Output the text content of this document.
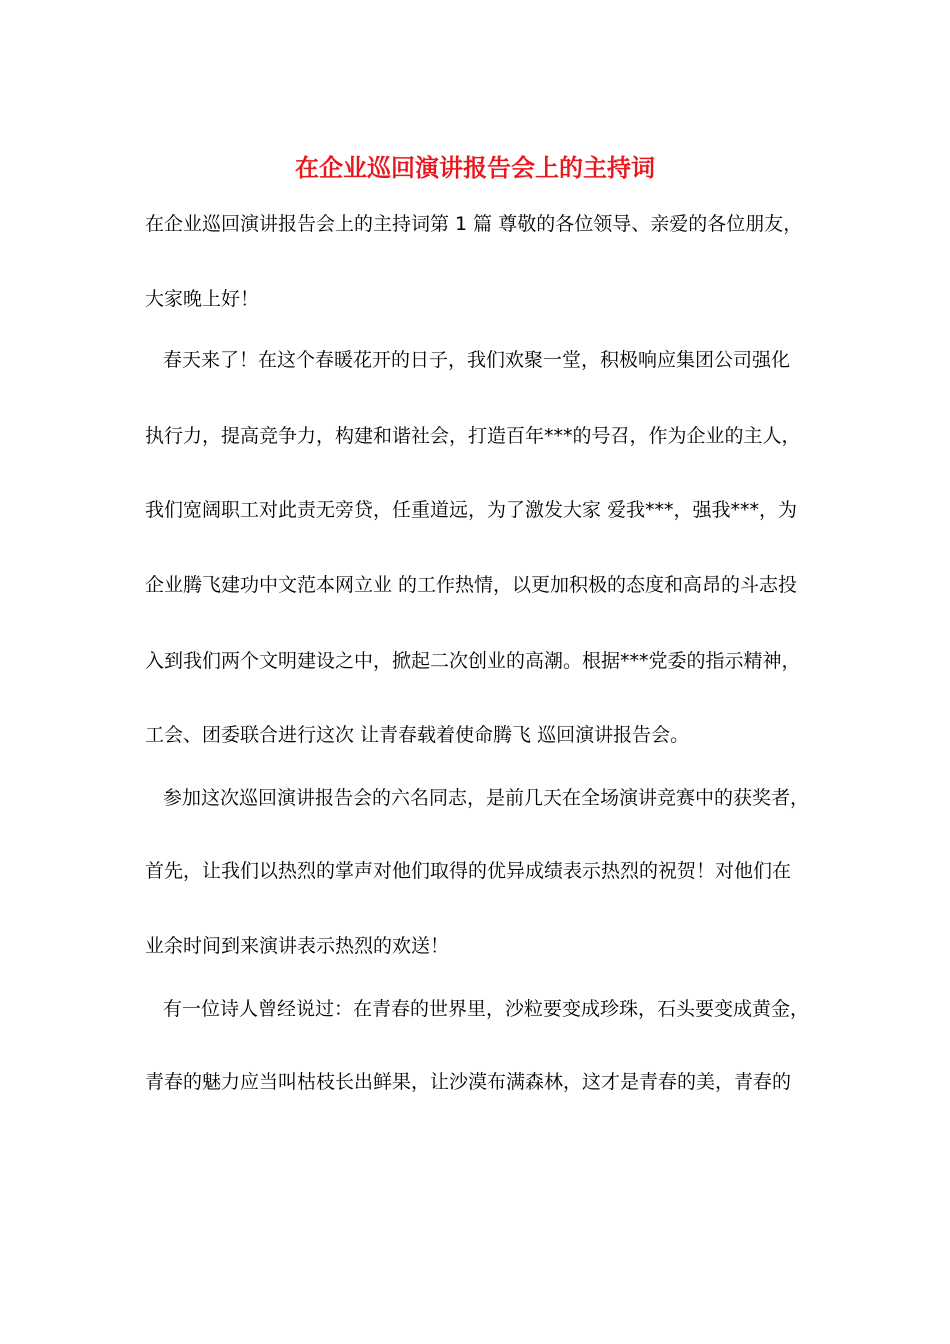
在企业巡回演讲报告会上的主持词

在企业巡回演讲报告会上的主持词第 1 篇 尊敬的各位领导、亲爱的各位朋友，

大家晚上好！

春天来了！在这个春暖花开的日子，我们欢聚一堂，积极响应集团公司强化

执行力，提高竞争力，构建和谐社会，打造百年***的号召，作为企业的主人，

我们宽阔职工对此责无旁贷，任重道远，为了激发大家 爱我***，强我***，为

企业腾飞建功中文范本网立业 的工作热情，以更加积极的态度和高昂的斗志投

入到我们两个文明建设之中，掀起二次创业的高潮。根据***党委的指示精神，

工会、团委联合进行这次 让青春载着使命腾飞 巡回演讲报告会。

参加这次巡回演讲报告会的六名同志，是前几天在全场演讲竞赛中的获奖者，

首先，让我们以热烈的掌声对他们取得的优异成绩表示热烈的祝贺！对他们在

业余时间到来演讲表示热烈的欢送！

有一位诗人曾经说过：在青春的世界里，沙粒要变成珍珠，石头要变成黄金，

青春的魅力应当叫枯枝长出鲜果，让沙漠布满森林，这才是青春的美，青春的
